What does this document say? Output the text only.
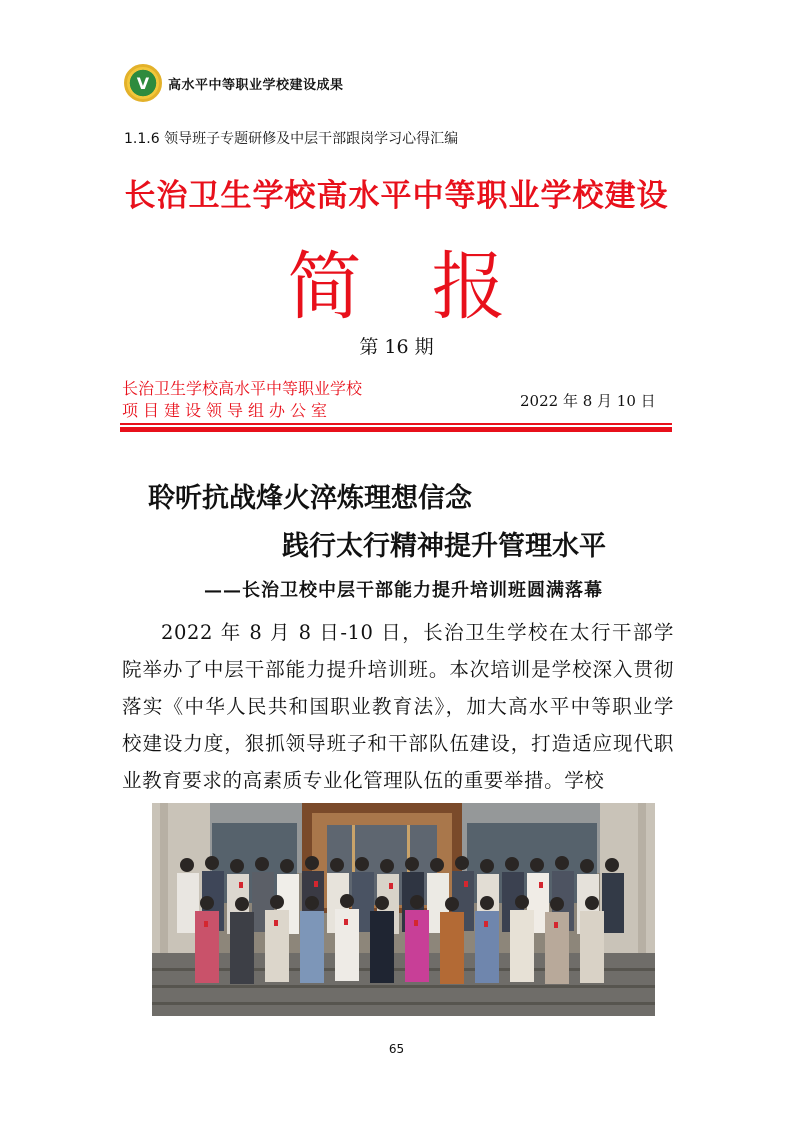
V 高水平中等职业学校建设成果
1.1.6 领导班子专题研修及中层干部跟岗学习心得汇编
长治卫生学校高水平中等职业学校建设
简报
第 16 期
长治卫生学校高水平中等职业学校
项目建设领导组办公室	2022 年 8 月 10 日
聆听抗战烽火淬炼理想信念
践行太行精神提升管理水平
——长治卫校中层干部能力提升培训班圆满落幕
2022 年 8 月 8 日-10 日，长治卫生学校在太行干部学院举办了中层干部能力提升培训班。本次培训是学校深入贯彻落实《中华人民共和国职业教育法》，加大高水平中等职业学校建设力度，狠抓领导班子和干部队伍建设，打造适应现代职业教育要求的高素质专业化管理队伍的重要举措。学校
65
